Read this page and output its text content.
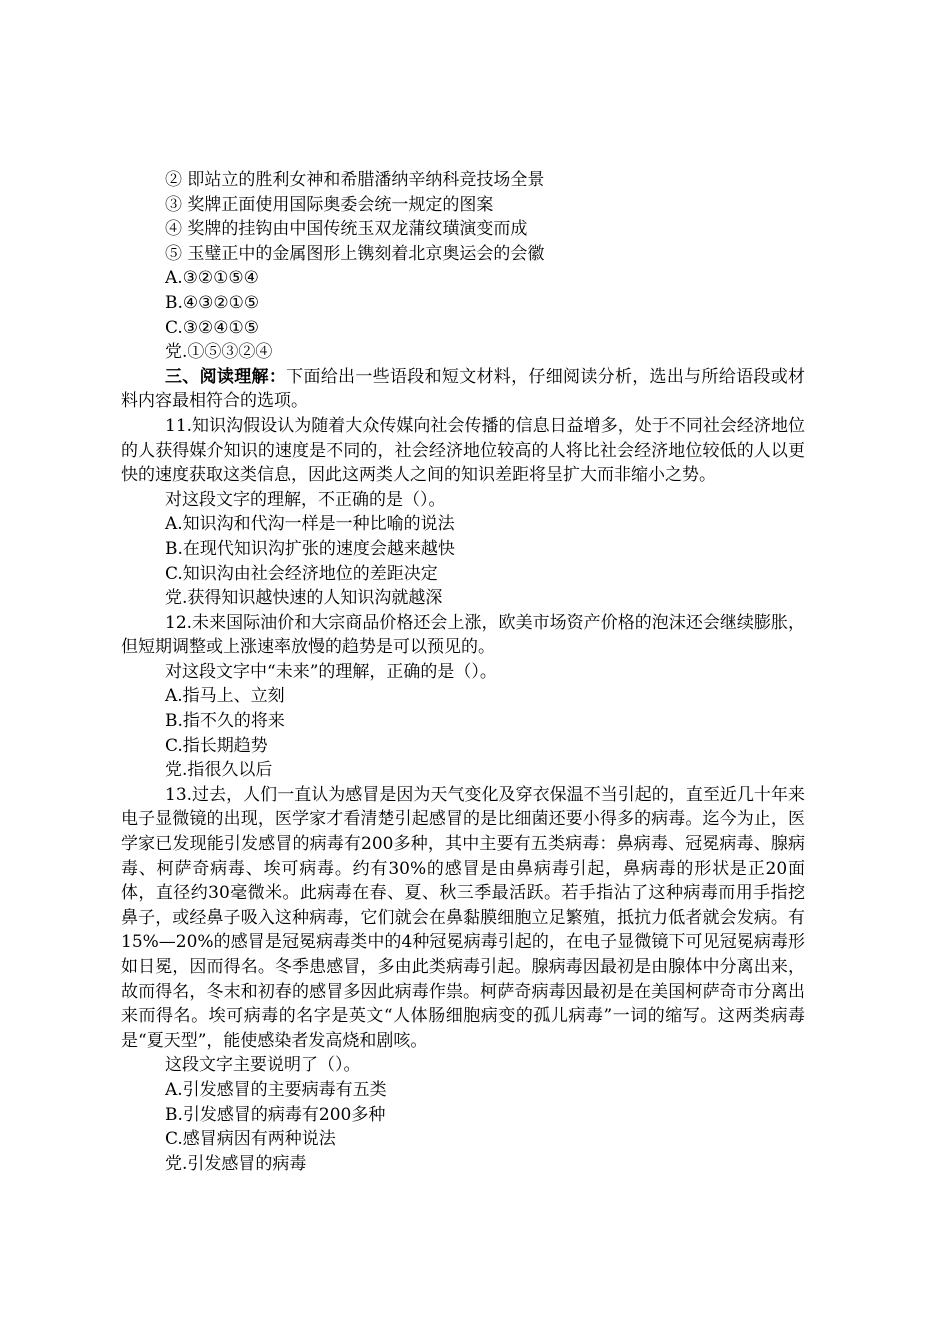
② 即站立的胜利女神和希腊潘纳辛纳科竞技场全景
③ 奖牌正面使用国际奥委会统一规定的图案
④ 奖牌的挂钩由中国传统玉双龙蒲纹璜演变而成
⑤ 玉璧正中的金属图形上镌刻着北京奥运会的会徽
A.③②①⑤④
B.④③②①⑤
C.③②④①⑤
党.①⑤③②④
三、阅读理解：下面给出一些语段和短文材料，仔细阅读分析，选出与所给语段或材料内容最相符合的选项。
11.知识沟假设认为随着大众传媒向社会传播的信息日益增多，处于不同社会经济地位的人获得媒介知识的速度是不同的，社会经济地位较高的人将比社会经济地位较低的人以更快的速度获取这类信息，因此这两类人之间的知识差距将呈扩大而非缩小之势。
对这段文字的理解，不正确的是（）。
A.知识沟和代沟一样是一种比喻的说法
B.在现代知识沟扩张的速度会越来越快
C.知识沟由社会经济地位的差距决定
党.获得知识越快速的人知识沟就越深
12.未来国际油价和大宗商品价格还会上涨，欧美市场资产价格的泡沫还会继续膨胀，但短期调整或上涨速率放慢的趋势是可以预见的。
对这段文字中“未来”的理解，正确的是（）。
A.指马上、立刻
B.指不久的将来
C.指长期趋势
党.指很久以后
13.过去，人们一直认为感冒是因为天气变化及穿衣保温不当引起的，直至近几十年来电子显微镜的出现，医学家才看清楚引起感冒的是比细菌还要小得多的病毒。迄今为止，医学家已发现能引发感冒的病毒有200多种，其中主要有五类病毒：鼻病毒、冠冕病毒、腺病毒、柯萨奇病毒、埃可病毒。约有30%的感冒是由鼻病毒引起，鼻病毒的形状是正20面体，直径约30毫微米。此病毒在春、夏、秋三季最活跃。若手指沾了这种病毒而用手指挖鼻子，或经鼻子吸入这种病毒，它们就会在鼻黏膜细胞立足繁殖，抵抗力低者就会发病。有15%—20%的感冒是冠冕病毒类中的4种冠冕病毒引起的，在电子显微镜下可见冠冕病毒形如日冕，因而得名。冬季患感冒，多由此类病毒引起。腺病毒因最初是由腺体中分离出来，故而得名，冬末和初春的感冒多因此病毒作祟。柯萨奇病毒因最初是在美国柯萨奇市分离出来而得名。埃可病毒的名字是英文“人体肠细胞病变的孤儿病毒”一词的缩写。这两类病毒是“夏天型”，能使感染者发高烧和剧咳。
这段文字主要说明了（）。
A.引发感冒的主要病毒有五类
B.引发感冒的病毒有200多种
C.感冒病因有两种说法
党.引发感冒的病毒
